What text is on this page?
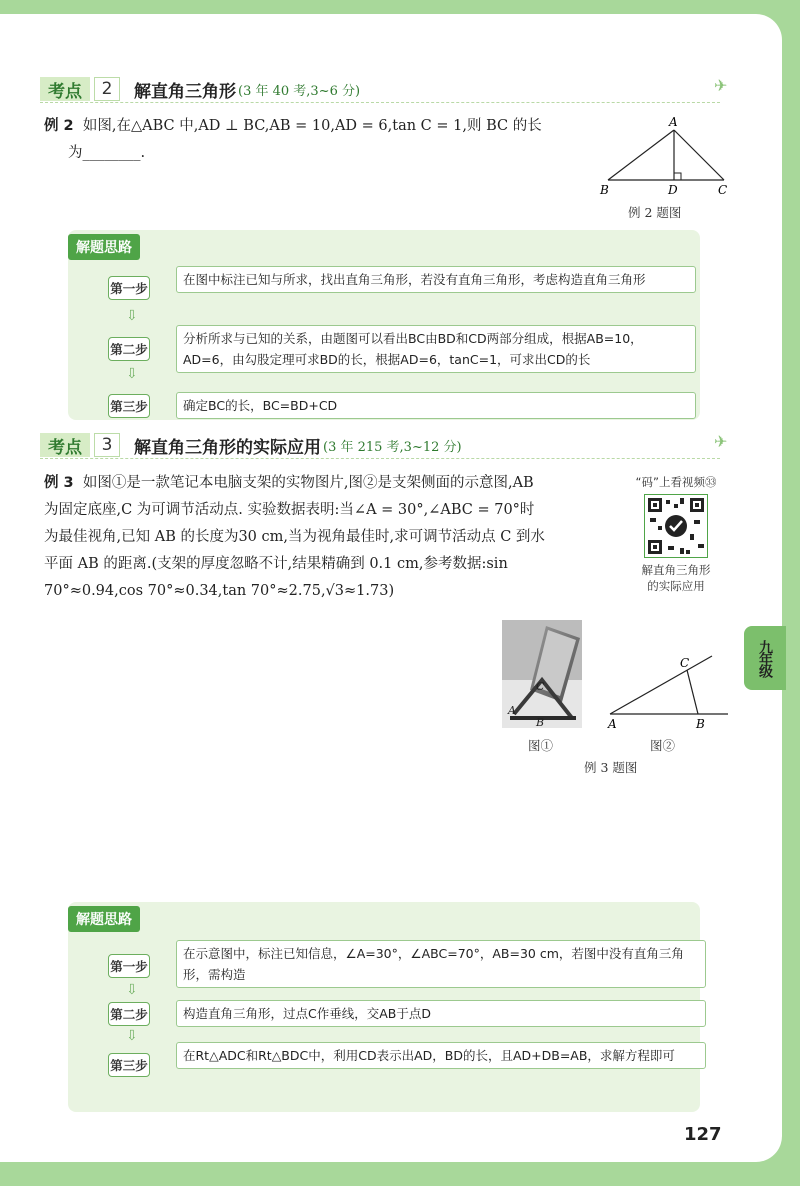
考点	2	解直角三角形 (3 年 40 考,3~6 分)	✈
例 2 如图,在△ABC 中,AD ⊥ BC,AB = 10,AD = 6,tan C = 1,则 BC 的长
为________.
A
B	D	C
例 2 题图
解题思路
第一步
在图中标注已知与所求，找出直角三角形，若没有直角三角形，考虑构造直角三角形
⇩
第二步
分析所求与已知的关系，由题图可以看出BC由BD和CD两部分组成，根据AB=10，AD=6，由勾股定理可求BD的长，根据AD=6，tanC=1，可求出CD的长
⇩
第三步	确定BC的长，BC=BD+CD
考点	3	解直角三角形的实际应用 (3 年 215 考,3~12 分)	✈
例 3 如图①是一款笔记本电脑支架的实物图片,图②是支架侧面的示意图,AB
为固定底座,C 为可调节活动点. 实验数据表明:当∠A = 30°,∠ABC = 70°时
为最佳视角,已知 AB 的长度为30 cm,当为视角最佳时,求可调节活动点 C 到水
平面 AB 的距离.(支架的厚度忽略不计,结果精确到 0.1 cm,参考数据:sin
70°≈0.94,cos 70°≈0.34,tan 70°≈2.75,√3≈1.73)
“码”上看视频㉝
解直角三角形
的实际应用
C
A
B	A	B
C
图①	图②
例 3 题图
解题思路
第一步
在示意图中，标注已知信息，∠A=30°，∠ABC=70°，AB=30 cm，若图中没有直角三角形，需构造
⇩
第二步	构造直角三角形，过点C作垂线，交AB于点D
⇩
第三步
在Rt△ADC和Rt△BDC中，利用CD表示出AD，BD的长，且AD+DB=AB，求解方程即可
九年级
127
